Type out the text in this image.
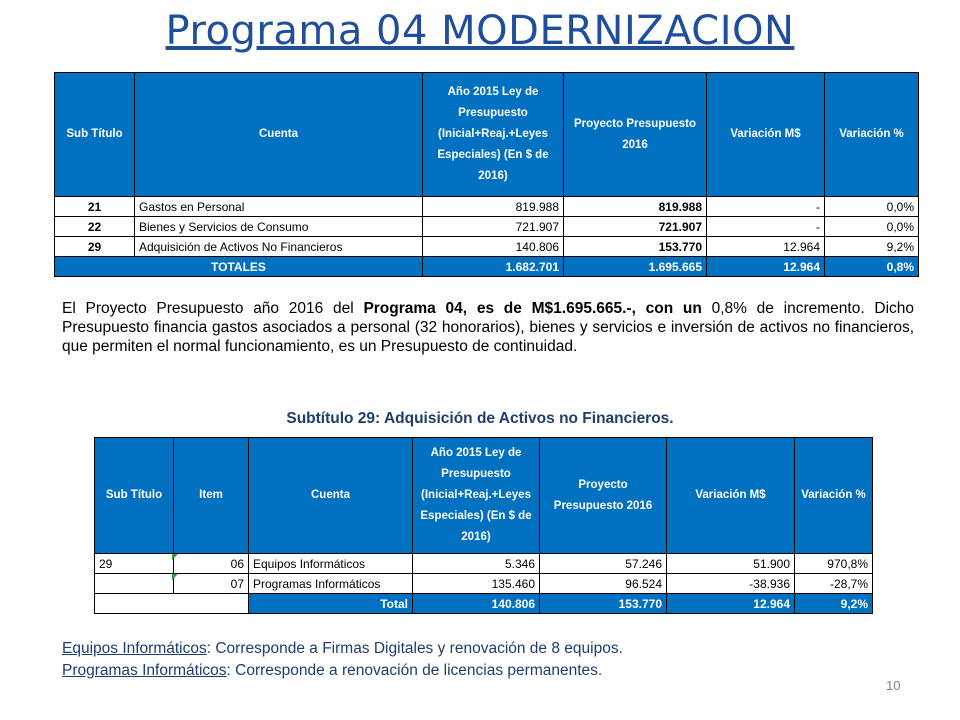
Programa 04 MODERNIZACION
Sub Título	Cuenta	Año 2015 Ley de Presupuesto (Inicial+Reaj.+Leyes Especiales) (En $ de 2016)	Proyecto Presupuesto 2016	Variación M$	Variación %
21	Gastos en Personal	819.988	819.988	-	0,0%
22	Bienes y Servicios de Consumo	721.907	721.907	-	0,0%
29	Adquisición de Activos No Financieros	140.806	153.770	12.964	9,2%
TOTALES		1.682.701	1.695.665	12.964	0,8%
El Proyecto Presupuesto año 2016 del Programa 04, es de M$1.695.665.-, con un 0,8% de incremento. Dicho Presupuesto financia gastos asociados a personal (32 honorarios), bienes y servicios e inversión de activos no financieros, que permiten el normal funcionamiento, es un Presupuesto de continuidad.
Subtítulo 29: Adquisición de Activos no Financieros.
Sub Título	Item	Cuenta	Año 2015 Ley de Presupuesto (Inicial+Reaj.+Leyes Especiales) (En $ de 2016)	Proyecto Presupuesto 2016	Variación M$	Variación %
29	06	Equipos Informáticos	5.346	57.246	51.900	970,8%
	07	Programas Informáticos	135.460	96.524	-38.936	-28,7%
		Total	140.806	153.770	12.964	9,2%
Equipos Informáticos: Corresponde a Firmas Digitales y renovación de 8 equipos.
Programas Informáticos: Corresponde a renovación de licencias permanentes.
10
